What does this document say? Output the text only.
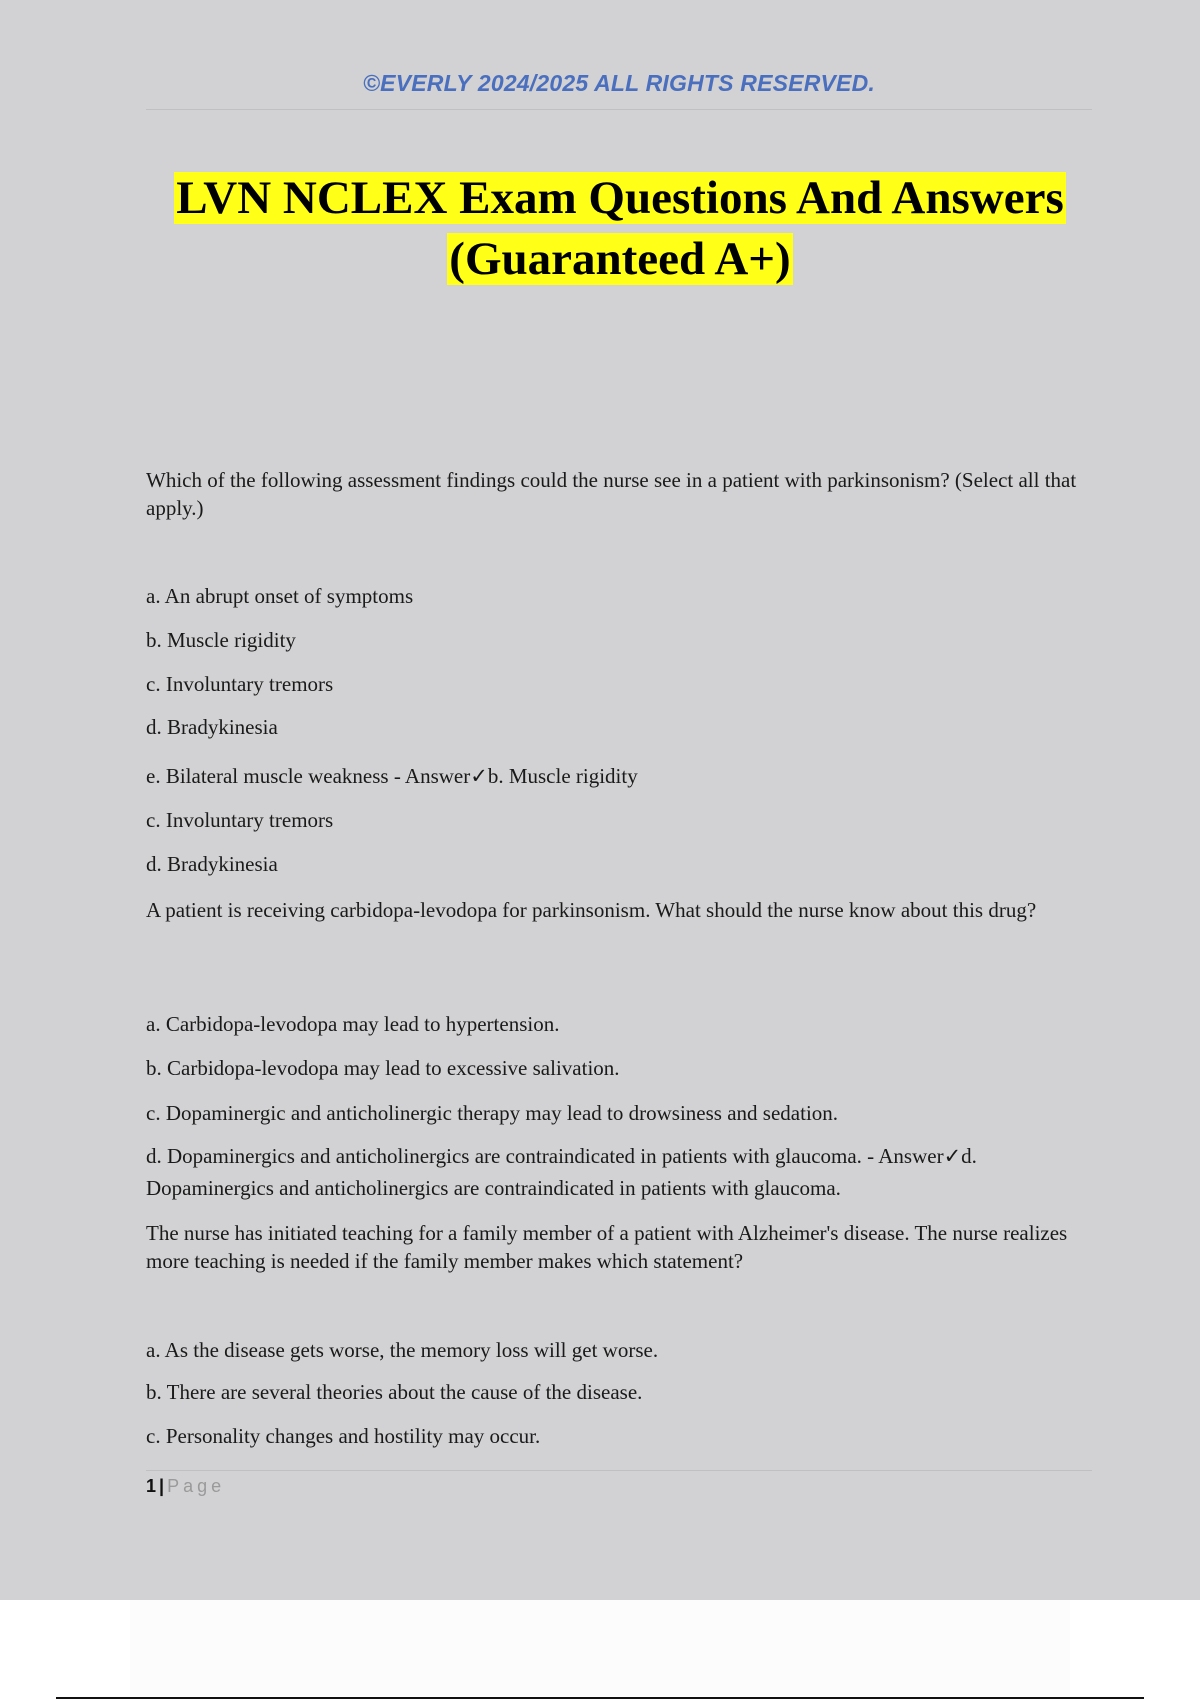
©EVERLY 2024/2025 ALL RIGHTS RESERVED.
LVN NCLEX Exam Questions And Answers
(Guaranteed A+)
Which of the following assessment findings could the nurse see in a patient with parkinsonism? (Select all that apply.)
a. An abrupt onset of symptoms
b. Muscle rigidity
c. Involuntary tremors
d. Bradykinesia
e. Bilateral muscle weakness - Answer✓b. Muscle rigidity
c. Involuntary tremors
d. Bradykinesia
A patient is receiving carbidopa-levodopa for parkinsonism. What should the nurse know about this drug?
a. Carbidopa-levodopa may lead to hypertension.
b. Carbidopa-levodopa may lead to excessive salivation.
c. Dopaminergic and anticholinergic therapy may lead to drowsiness and sedation.
d. Dopaminergics and anticholinergics are contraindicated in patients with glaucoma. - Answer✓d. Dopaminergics and anticholinergics are contraindicated in patients with glaucoma.
The nurse has initiated teaching for a family member of a patient with Alzheimer's disease. The nurse realizes more teaching is needed if the family member makes which statement?
a. As the disease gets worse, the memory loss will get worse.
b. There are several theories about the cause of the disease.
c. Personality changes and hostility may occur.
1 | Page
